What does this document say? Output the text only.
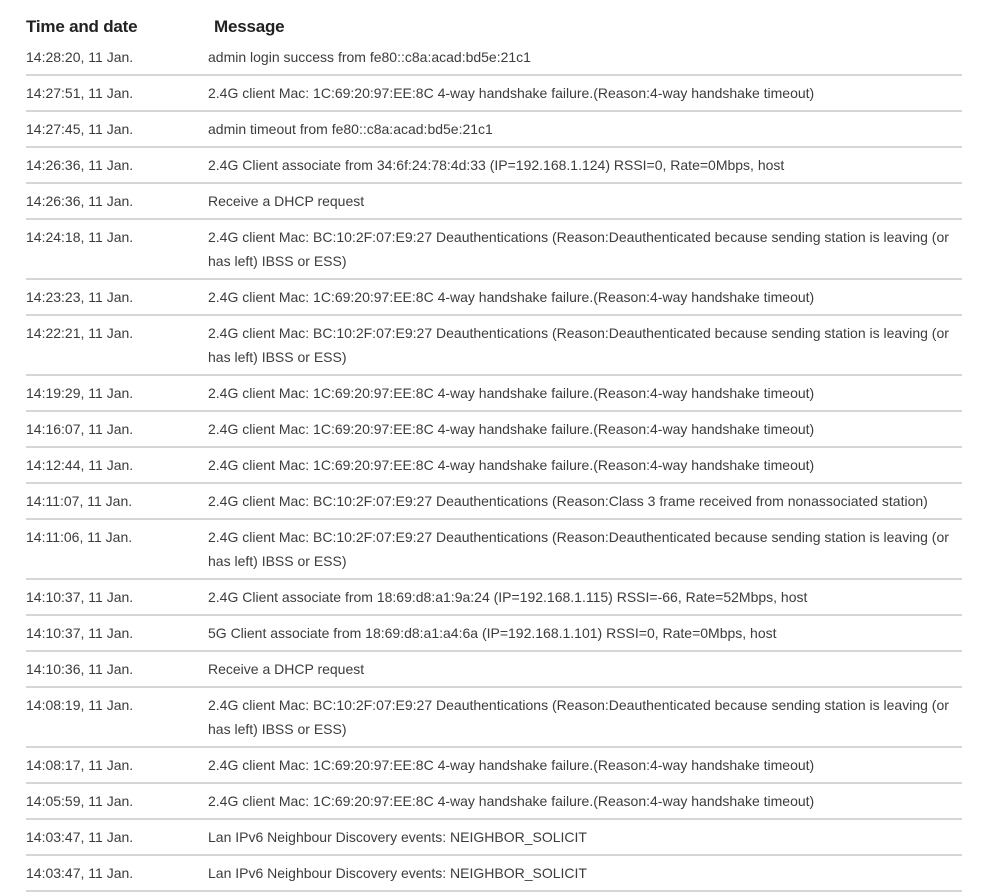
Time and date	Message
14:28:20, 11 Jan.	admin login success from fe80::c8a:acad:bd5e:21c1
14:27:51, 11 Jan.	2.4G client Mac: 1C:69:20:97:EE:8C 4-way handshake failure.(Reason:4-way handshake timeout)
14:27:45, 11 Jan.	admin timeout from fe80::c8a:acad:bd5e:21c1
14:26:36, 11 Jan.	2.4G Client associate from 34:6f:24:78:4d:33 (IP=192.168.1.124) RSSI=0, Rate=0Mbps, host
14:26:36, 11 Jan.	Receive a DHCP request
14:24:18, 11 Jan.	2.4G client Mac: BC:10:2F:07:E9:27 Deauthentications (Reason:Deauthenticated because sending station is leaving (or has left) IBSS or ESS)
14:23:23, 11 Jan.	2.4G client Mac: 1C:69:20:97:EE:8C 4-way handshake failure.(Reason:4-way handshake timeout)
14:22:21, 11 Jan.	2.4G client Mac: BC:10:2F:07:E9:27 Deauthentications (Reason:Deauthenticated because sending station is leaving (or has left) IBSS or ESS)
14:19:29, 11 Jan.	2.4G client Mac: 1C:69:20:97:EE:8C 4-way handshake failure.(Reason:4-way handshake timeout)
14:16:07, 11 Jan.	2.4G client Mac: 1C:69:20:97:EE:8C 4-way handshake failure.(Reason:4-way handshake timeout)
14:12:44, 11 Jan.	2.4G client Mac: 1C:69:20:97:EE:8C 4-way handshake failure.(Reason:4-way handshake timeout)
14:11:07, 11 Jan.	2.4G client Mac: BC:10:2F:07:E9:27 Deauthentications (Reason:Class 3 frame received from nonassociated station)
14:11:06, 11 Jan.	2.4G client Mac: BC:10:2F:07:E9:27 Deauthentications (Reason:Deauthenticated because sending station is leaving (or has left) IBSS or ESS)
14:10:37, 11 Jan.	2.4G Client associate from 18:69:d8:a1:9a:24 (IP=192.168.1.115) RSSI=-66, Rate=52Mbps, host
14:10:37, 11 Jan.	5G Client associate from 18:69:d8:a1:a4:6a (IP=192.168.1.101) RSSI=0, Rate=0Mbps, host
14:10:36, 11 Jan.	Receive a DHCP request
14:08:19, 11 Jan.	2.4G client Mac: BC:10:2F:07:E9:27 Deauthentications (Reason:Deauthenticated because sending station is leaving (or has left) IBSS or ESS)
14:08:17, 11 Jan.	2.4G client Mac: 1C:69:20:97:EE:8C 4-way handshake failure.(Reason:4-way handshake timeout)
14:05:59, 11 Jan.	2.4G client Mac: 1C:69:20:97:EE:8C 4-way handshake failure.(Reason:4-way handshake timeout)
14:03:47, 11 Jan.	Lan IPv6 Neighbour Discovery events: NEIGHBOR_SOLICIT
14:03:47, 11 Jan.	Lan IPv6 Neighbour Discovery events: NEIGHBOR_SOLICIT
